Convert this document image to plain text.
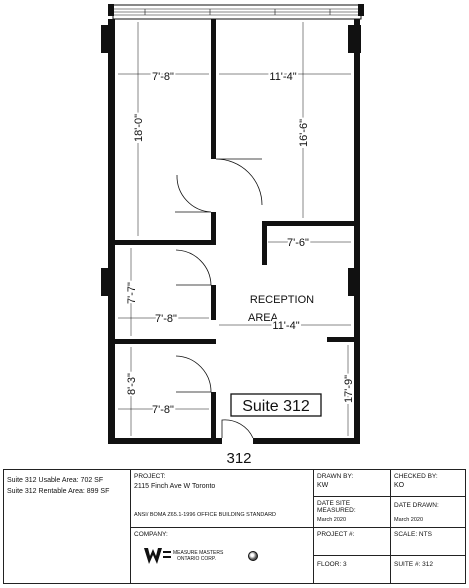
7'-8"	11'-4"
18'-0"	16'-6"
7'-6"
7'-7"
7'-8"
RECEPTION
AREA
11'-4"
8'-3"
7'-8"
17'-9"
Suite 312
312
Suite 312 Usable Area: 702 SF
Suite 312 Rentable Area: 899 SF
PROJECT:
2115 Finch Ave W Toronto
ANSI/ BOMA Z65.1-1996 OFFICE BUILDING STANDARD
COMPANY:
MEASURE MASTERS
ONTARIO CORP.
DRAWN BY:
KW
CHECKED BY:
KO
DATE SITE
MEASURED:
March 2020
DATE DRAWN:
March 2020
PROJECT #:	SCALE: NTS
FLOOR: 3	SUITE #: 312
